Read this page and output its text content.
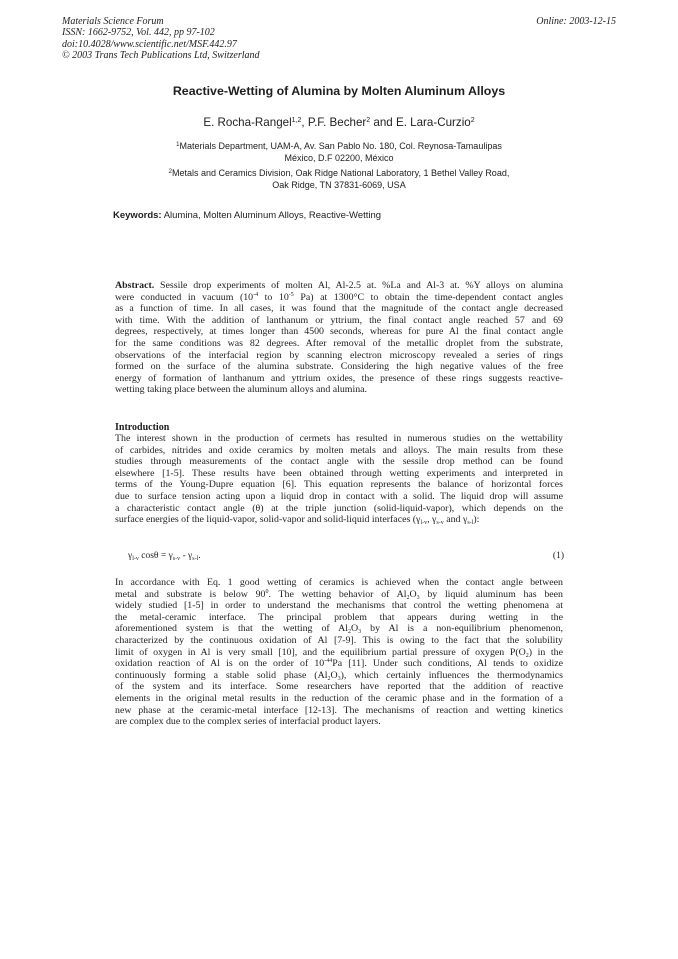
Materials Science Forum
ISSN: 1662-9752, Vol. 442, pp 97-102
doi:10.4028/www.scientific.net/MSF.442.97
© 2003 Trans Tech Publications Ltd, Switzerland
Online: 2003-12-15
Reactive-Wetting of Alumina by Molten Aluminum Alloys
E. Rocha-Rangel$^{1,2}$, P.F. Becher$^2$ and E. Lara-Curzio$^2$
$^1$Materials Department, UAM-A, Av. San Pablo No. 180, Col. Reynosa-Tamaulipas
México, D.F 02200, México
$^2$Metals and Ceramics Division, Oak Ridge National Laboratory, 1 Bethel Valley Road,
Oak Ridge, TN 37831-6069, USA
Keywords: Alumina, Molten Aluminum Alloys, Reactive-Wetting
Abstract. Sessile drop experiments of molten Al, Al-2.5 at. %La and Al-3 at. %Y alloys on alumina
were conducted in vacuum ($10^{-4}$ to $10^{-5}$ Pa) at 1300°C to obtain the time-dependent contact angles
as a function of time. In all cases, it was found that the magnitude of the contact angle decreased
with time. With the addition of lanthanum or yttrium, the final contact angle reached 57 and 69
degrees, respectively, at times longer than 4500 seconds, whereas for pure Al the final contact angle
for the same conditions was 82 degrees. After removal of the metallic droplet from the substrate,
observations of the interfacial region by scanning electron microscopy revealed a series of rings
formed on the surface of the alumina substrate. Considering the high negative values of the free
energy of formation of lanthanum and yttrium oxides, the presence of these rings suggests reactive-
wetting taking place between the aluminum alloys and alumina.
Introduction
The interest shown in the production of cermets has resulted in numerous studies on the wettability
of carbides, nitrides and oxide ceramics by molten metals and alloys. The main results from these
studies through measurements of the contact angle with the sessile drop method can be found
elsewhere [1-5]. These results have been obtained through wetting experiments and interpreted in
terms of the Young-Dupre equation [6]. This equation represents the balance of horizontal forces
due to surface tension acting upon a liquid drop in contact with a solid. The liquid drop will assume
a characteristic contact angle (θ) at the triple junction (solid-liquid-vapor), which depends on the
surface energies of the liquid-vapor, solid-vapor and solid-liquid interfaces ($\gamma_{l-v}$, $\gamma_{s-v}$ and $\gamma_{s-l}$):
$\gamma_{l-v}$ $\cos\theta = \gamma_{s-v} - \gamma_{s-l}$.	(1)
In accordance with Eq. 1 good wetting of ceramics is achieved when the contact angle between
metal and substrate is below $90^0$. The wetting behavior of $Al_2O_3$ by liquid aluminum has been
widely studied [1-5] in order to understand the mechanisms that control the wetting phenomena at
the metal-ceramic interface. The principal problem that appears during wetting in the
aforementioned system is that the wetting of $Al_2O_3$ by Al is a non-equilibrium phenomenon,
characterized by the continuous oxidation of Al [7-9]. This is owing to the fact that the solubility
limit of oxygen in Al is very small [10], and the equilibrium partial pressure of oxygen $P(O_2)$ in the
oxidation reaction of Al is on the order of $10^{-44}Pa$ [11]. Under such conditions, Al tends to oxidize
continuously forming a stable solid phase $(Al_2O_3)$, which certainly influences the thermodynamics
of the system and its interface. Some researchers have reported that the addition of reactive
elements in the original metal results in the reduction of the ceramic phase and in the formation of a
new phase at the ceramic-metal interface [12-13]. The mechanisms of reaction and wetting kinetics
are complex due to the complex series of interfacial product layers.
